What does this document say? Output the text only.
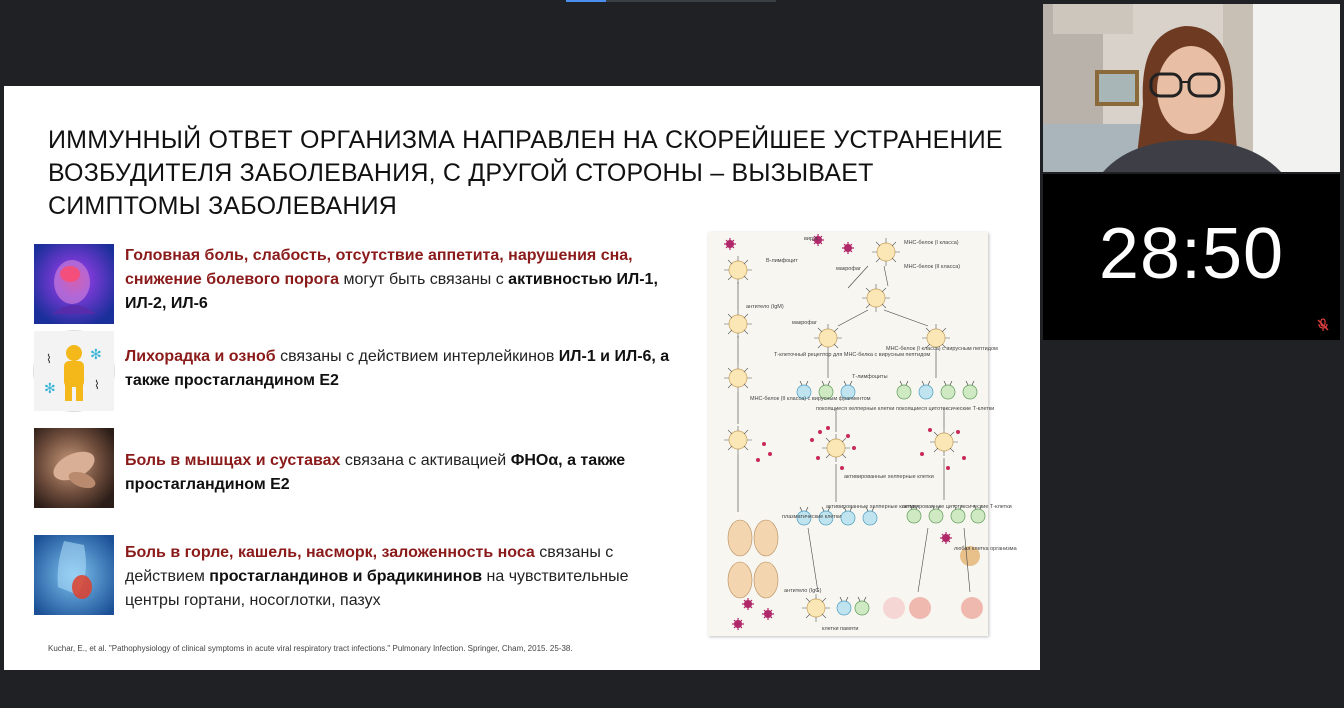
ИММУННЫЙ ОТВЕТ ОРГАНИЗМА НАПРАВЛЕН НА СКОРЕЙШЕЕ УСТРАНЕНИЕ ВОЗБУДИТЕЛЯ ЗАБОЛЕВАНИЯ, С ДРУГОЙ СТОРОНЫ – ВЫЗЫВАЕТ СИМПТОМЫ ЗАБОЛЕВАНИЯ
Головная боль, слабость, отсутствие аппетита, нарушения сна, снижение болевого порога могут быть связаны с активностью ИЛ-1, ИЛ-2, ИЛ-6
✻
✻
⌇
⌇
Лихорадка и озноб связаны с действием интерлейкинов ИЛ-1 и ИЛ-6, а также простагландином Е2
Боль в мышцах и суставах связана с активацией ФНОα, а также простагландином Е2
Боль в горле, кашель, насморк, заложенность носа связаны с действием простагландинов и брадикининов на чувствительные центры гортани, носоглотки, пазух
Kuchar, E., et al. "Pathophysiology of clinical symptoms in acute viral respiratory tract infections." Pulmonary Infection. Springer, Cham, 2015. 25-38.
В-лимфоцит
вирус
МНС-белок (I класса)
МНС-белок (II класса)
макрофаг
антитело (IgM)
макрофаг
Т-клеточный рецептор для МНС-белка с вирусным пептидом
МНС-белок (I класса) с вирусным пептидом
Т-лимфоциты
МНС-белок (II класса) с вирусным фрагментом
покоящиеся хелперные клетки покоящиеся цитотоксические Т-клетки
активированные хелперные клетки
плазматические клетки
активированные хелперные клетки
активированные цитотоксические Т-клетки
любая клетка организма
антитело (IgG)
клетки памяти
28:50
